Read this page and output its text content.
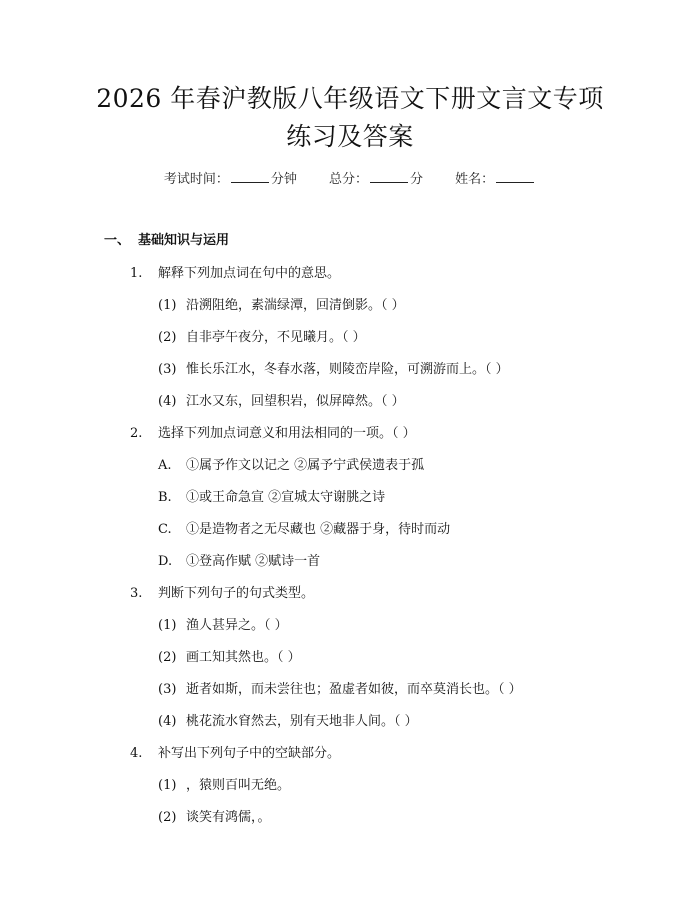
2026 年春沪教版八年级语文下册文言文专项
练习及答案
考试时间：	分钟 总分：	分 姓名：
一、 基础知识与运用
1. 解释下列加点词在句中的意思。
(1) 沿溯阻绝，素湍绿潭，回清倒影。（ ）
(2) 自非亭午夜分，不见曦月。（ ）
(3) 惟长乐江水，冬春水落，则陵峦岸险，可溯游而上。（ ）
(4) 江水又东，回望积岩，似屏障然。（ ）
2. 选择下列加点词意义和用法相同的一项。（ ）
A. ①属予作文以记之 ②属予宁武侯遗表于孤
B. ①或王命急宣 ②宣城太守谢朓之诗
C. ①是造物者之无尽藏也 ②藏器于身，待时而动
D. ①登高作赋 ②赋诗一首
3. 判断下列句子的句式类型。
(1) 渔人甚异之。（ ）
(2) 画工知其然也。（ ）
(3) 逝者如斯，而未尝往也；盈虚者如彼，而卒莫消长也。（ ）
(4) 桃花流水窅然去，别有天地非人间。（ ）
4. 补写出下列句子中的空缺部分。
(1) ，猿则百叫无绝。
(2) 谈笑有鸿儒，。
